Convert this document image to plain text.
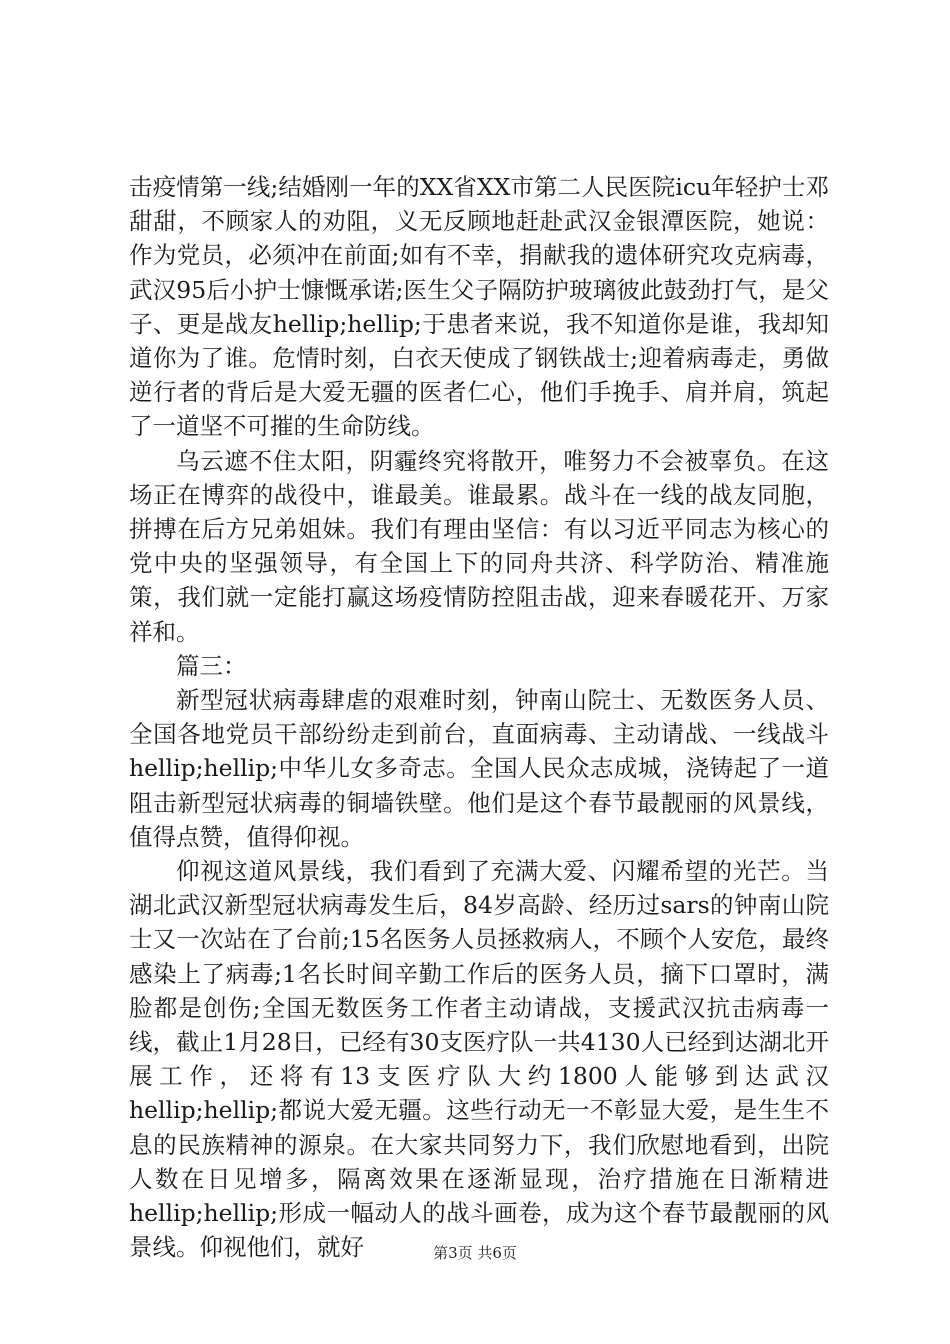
击疫情第一线;结婚刚一年的XX省XX市第二人民医院icu年轻护士邓甜甜，不顾家人的劝阻，义无反顾地赶赴武汉金银潭医院，她说：作为党员，必须冲在前面;如有不幸，捐献我的遗体研究攻克病毒，武汉95后小护士慷慨承诺;医生父子隔防护玻璃彼此鼓劲打气，是父子、更是战友hellip;hellip;于患者来说，我不知道你是谁，我却知道你为了谁。危情时刻，白衣天使成了钢铁战士;迎着病毒走，勇做逆行者的背后是大爱无疆的医者仁心，他们手挽手、肩并肩，筑起了一道坚不可摧的生命防线。

乌云遮不住太阳，阴霾终究将散开，唯努力不会被辜负。在这场正在博弈的战役中，谁最美。谁最累。战斗在一线的战友同胞，拼搏在后方兄弟姐妹。我们有理由坚信：有以习近平同志为核心的党中央的坚强领导，有全国上下的同舟共济、科学防治、精准施策，我们就一定能打赢这场疫情防控阻击战，迎来春暖花开、万家祥和。

篇三：

新型冠状病毒肆虐的艰难时刻，钟南山院士、无数医务人员、全国各地党员干部纷纷走到前台，直面病毒、主动请战、一线战斗hellip;hellip;中华儿女多奇志。全国人民众志成城，浇铸起了一道阻击新型冠状病毒的铜墙铁壁。他们是这个春节最靓丽的风景线，值得点赞，值得仰视。

仰视这道风景线，我们看到了充满大爱、闪耀希望的光芒。当湖北武汉新型冠状病毒发生后，84岁高龄、经历过sars的钟南山院士又一次站在了台前;15名医务人员拯救病人，不顾个人安危，最终感染上了病毒;1名长时间辛勤工作后的医务人员，摘下口罩时，满脸都是创伤;全国无数医务工作者主动请战，支援武汉抗击病毒一线，截止1月28日，已经有30支医疗队一共4130人已经到达湖北开展工作，还将有13支医疗队大约1800人能够到达武汉hellip;hellip;都说大爱无疆。这些行动无一不彰显大爱，是生生不息的民族精神的源泉。在大家共同努力下，我们欣慰地看到，出院人数在日见增多，隔离效果在逐渐显现，治疗措施在日渐精进hellip;hellip;形成一幅动人的战斗画卷，成为这个春节最靓丽的风景线。仰视他们，就好	第3页 共6页
